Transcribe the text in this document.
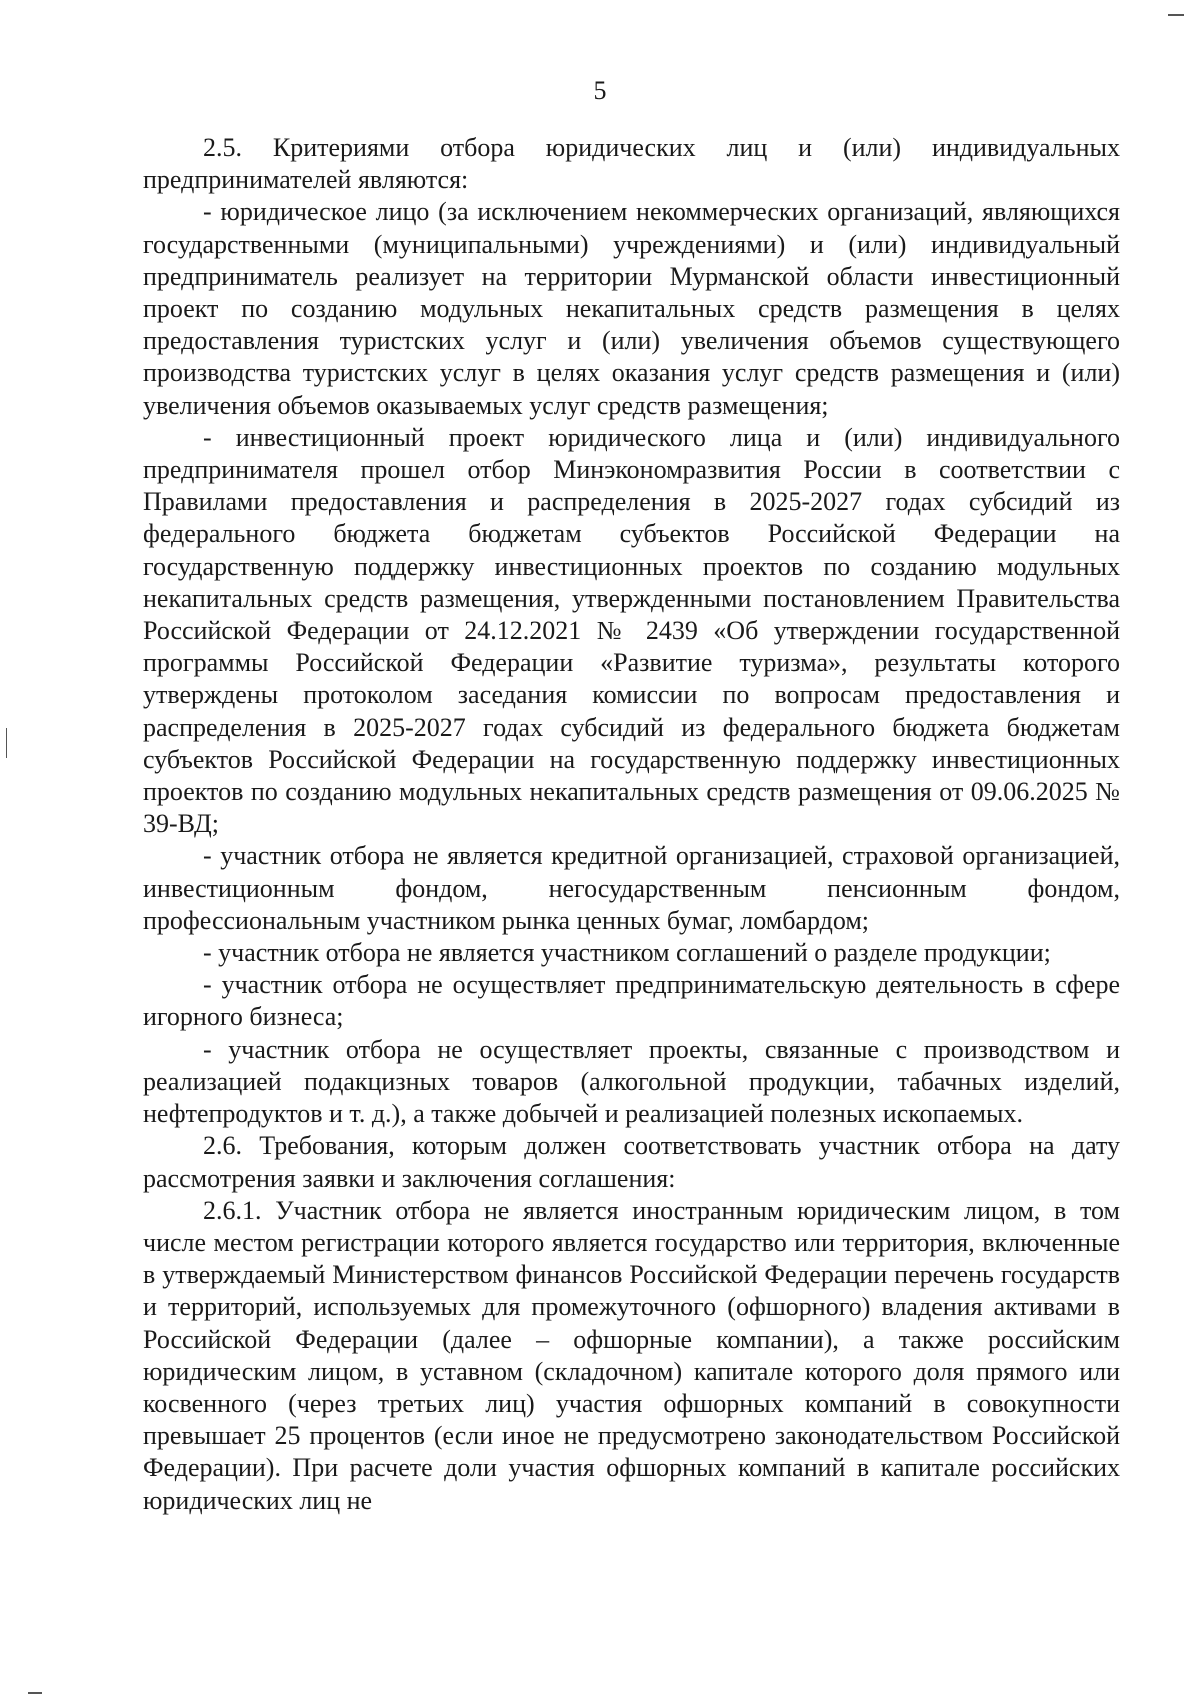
5

2.5. Критериями отбора юридических лиц и (или) индивидуальных предпринимателей являются:

- юридическое лицо (за исключением некоммерческих организаций, являющихся государственными (муниципальными) учреждениями) и (или) индивидуальный предприниматель реализует на территории Мурманской области инвестиционный проект по созданию модульных некапитальных средств размещения в целях предоставления туристских услуг и (или) увеличения объемов существующего производства туристских услуг в целях оказания услуг средств размещения и (или) увеличения объемов оказываемых услуг средств размещения;

- инвестиционный проект юридического лица и (или) индивидуального предпринимателя прошел отбор Минэкономразвития России в соответствии с Правилами предоставления и распределения в 2025-2027 годах субсидий из федерального бюджета бюджетам субъектов Российской Федерации на государственную поддержку инвестиционных проектов по созданию модульных некапитальных средств размещения, утвержденными постановлением Правительства Российской Федерации от 24.12.2021 № 2439 «Об утверждении государственной программы Российской Федерации «Развитие туризма», результаты которого утверждены протоколом заседания комиссии по вопросам предоставления и распределения в 2025-2027 годах субсидий из федерального бюджета бюджетам субъектов Российской Федерации на государственную поддержку инвестиционных проектов по созданию модульных некапитальных средств размещения от 09.06.2025 № 39-ВД;

- участник отбора не является кредитной организацией, страховой организацией, инвестиционным фондом, негосударственным пенсионным фондом, профессиональным участником рынка ценных бумаг, ломбардом;

- участник отбора не является участником соглашений о разделе продукции;

- участник отбора не осуществляет предпринимательскую деятельность в сфере игорного бизнеса;

- участник отбора не осуществляет проекты, связанные с производством и реализацией подакцизных товаров (алкогольной продукции, табачных изделий, нефтепродуктов и т. д.), а также добычей и реализацией полезных ископаемых.

2.6. Требования, которым должен соответствовать участник отбора на дату рассмотрения заявки и заключения соглашения:

2.6.1. Участник отбора не является иностранным юридическим лицом, в том числе местом регистрации которого является государство или территория, включенные в утверждаемый Министерством финансов Российской Федерации перечень государств и территорий, используемых для промежуточного (офшорного) владения активами в Российской Федерации (далее – офшорные компании), а также российским юридическим лицом, в уставном (складочном) капитале которого доля прямого или косвенного (через третьих лиц) участия офшорных компаний в совокупности превышает 25 процентов (если иное не предусмотрено законодательством Российской Федерации). При расчете доли участия офшорных компаний в капитале российских юридических лиц не
